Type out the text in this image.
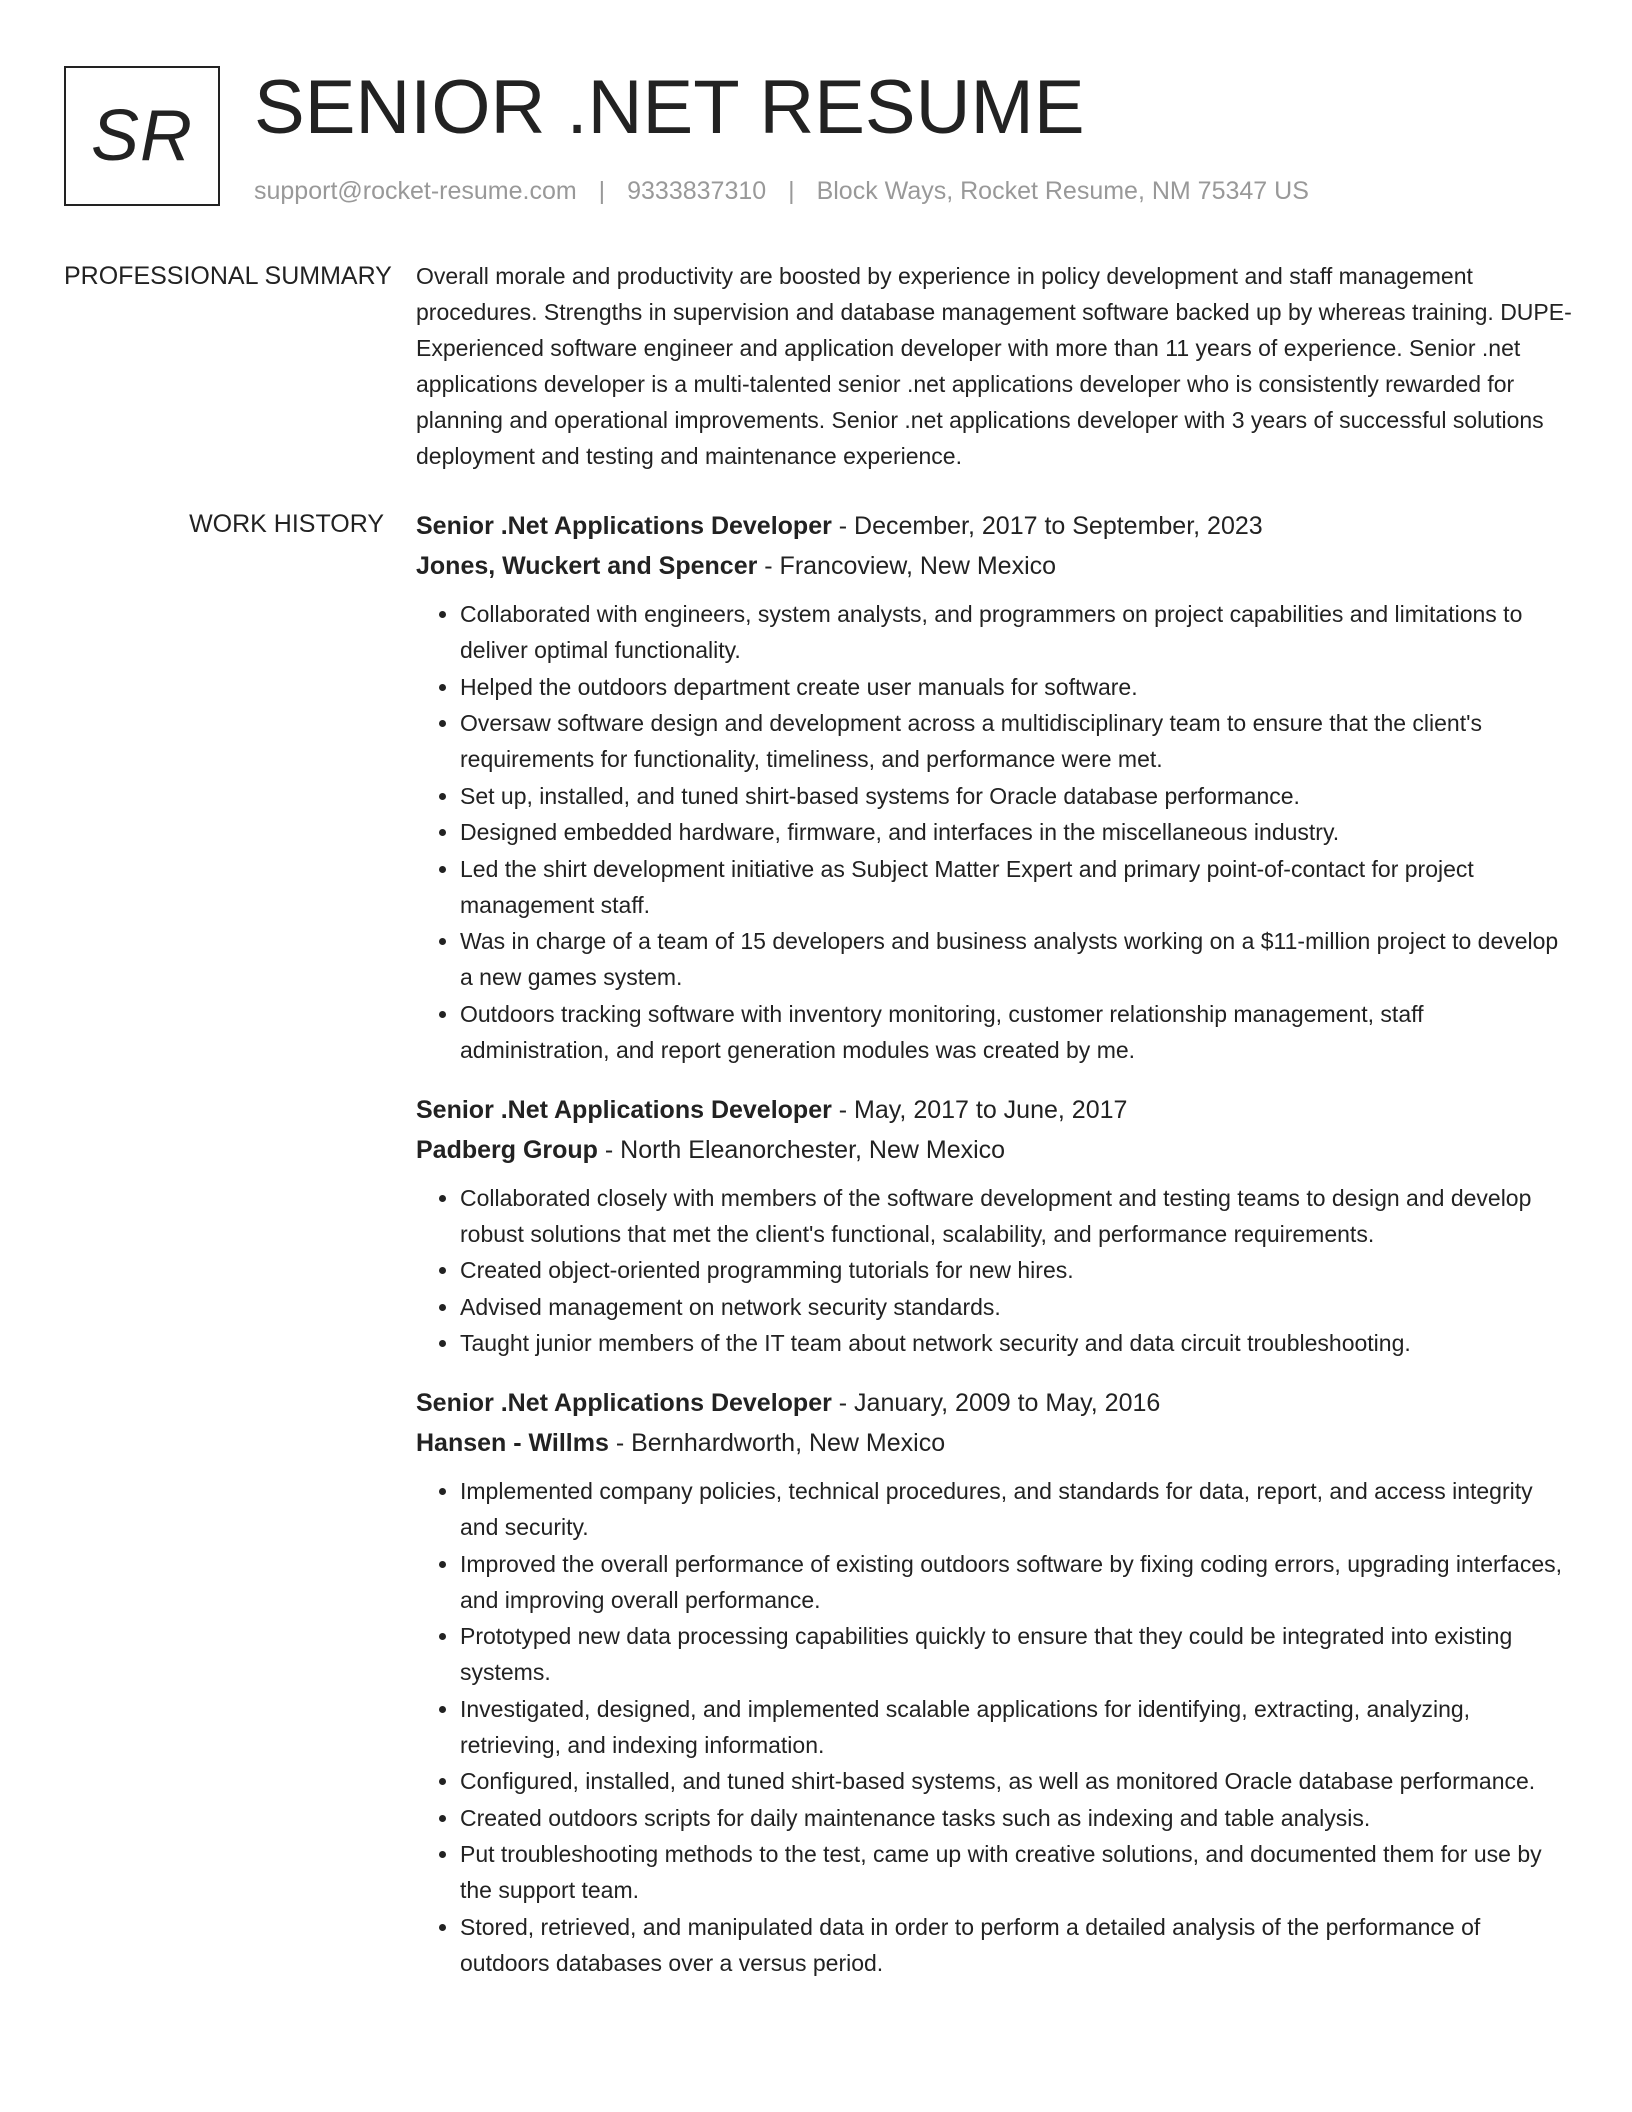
SR SENIOR .NET RESUME
support@rocket-resume.com | 9333837310 | Block Ways, Rocket Resume, NM 75347 US
PROFESSIONAL SUMMARY	Overall morale and productivity are boosted by experience in policy development and staff management procedures. Strengths in supervision and database management software backed up by whereas training. DUPE- Experienced software engineer and application developer with more than 11 years of experience. Senior .net applications developer is a multi-talented senior .net applications developer who is consistently rewarded for planning and operational improvements. Senior .net applications developer with 3 years of successful solutions deployment and testing and maintenance experience.

WORK HISTORY	Senior .Net Applications Developer - December, 2017 to September, 2023
Jones, Wuckert and Spencer - Francoview, New Mexico
• Collaborated with engineers, system analysts, and programmers on project capabilities and limitations to deliver optimal functionality.
• Helped the outdoors department create user manuals for software.
• Oversaw software design and development across a multidisciplinary team to ensure that the client's requirements for functionality, timeliness, and performance were met.
• Set up, installed, and tuned shirt-based systems for Oracle database performance.
• Designed embedded hardware, firmware, and interfaces in the miscellaneous industry.
• Led the shirt development initiative as Subject Matter Expert and primary point-of-contact for project management staff.
• Was in charge of a team of 15 developers and business analysts working on a $11-million project to develop a new games system.
• Outdoors tracking software with inventory monitoring, customer relationship management, staff administration, and report generation modules was created by me.
Senior .Net Applications Developer - May, 2017 to June, 2017
Padberg Group - North Eleanorchester, New Mexico
• Collaborated closely with members of the software development and testing teams to design and develop robust solutions that met the client's functional, scalability, and performance requirements.
• Created object-oriented programming tutorials for new hires.
• Advised management on network security standards.
• Taught junior members of the IT team about network security and data circuit troubleshooting.
Senior .Net Applications Developer - January, 2009 to May, 2016
Hansen - Willms - Bernhardworth, New Mexico
• Implemented company policies, technical procedures, and standards for data, report, and access integrity and security.
• Improved the overall performance of existing outdoors software by fixing coding errors, upgrading interfaces, and improving overall performance.
• Prototyped new data processing capabilities quickly to ensure that they could be integrated into existing systems.
• Investigated, designed, and implemented scalable applications for identifying, extracting, analyzing, retrieving, and indexing information.
• Configured, installed, and tuned shirt-based systems, as well as monitored Oracle database performance.
• Created outdoors scripts for daily maintenance tasks such as indexing and table analysis.
• Put troubleshooting methods to the test, came up with creative solutions, and documented them for use by the support team.
• Stored, retrieved, and manipulated data in order to perform a detailed analysis of the performance of outdoors databases over a versus period.
